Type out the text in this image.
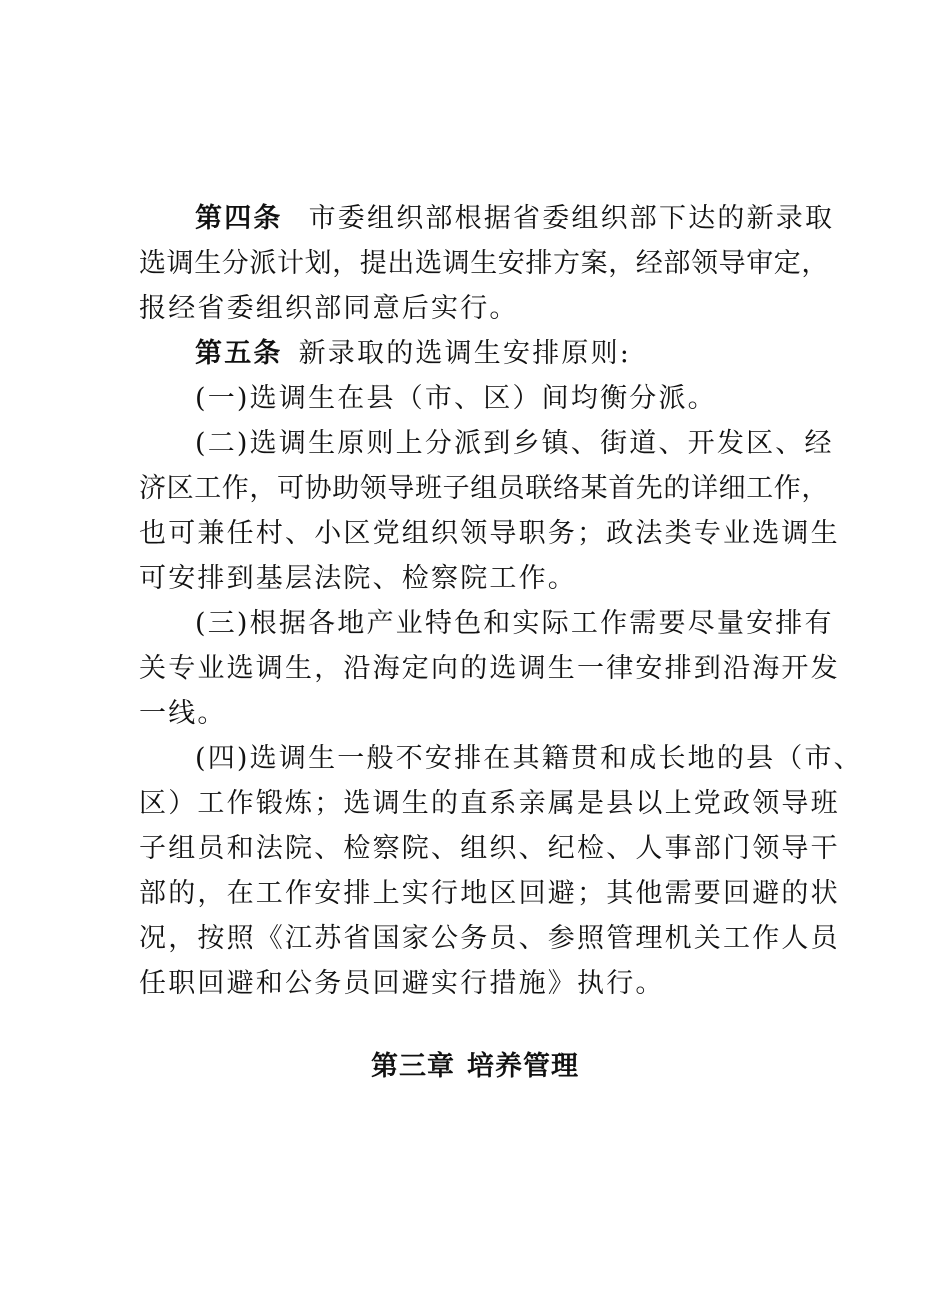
第四条 市委组织部根据省委组织部下达的新录取
选调生分派计划，提出选调生安排方案，经部领导审定，
报经省委组织部同意后实行。
第五条 新录取的选调生安排原则:
(一)选调生在县（市、区）间均衡分派。
(二)选调生原则上分派到乡镇、街道、开发区、经
济区工作，可协助领导班子组员联络某首先的详细工作，
也可兼任村、小区党组织领导职务；政法类专业选调生
可安排到基层法院、检察院工作。
(三)根据各地产业特色和实际工作需要尽量安排有
关专业选调生，沿海定向的选调生一律安排到沿海开发
一线。
(四)选调生一般不安排在其籍贯和成长地的县（市、
区）工作锻炼；选调生的直系亲属是县以上党政领导班
子组员和法院、检察院、组织、纪检、人事部门领导干
部的，在工作安排上实行地区回避；其他需要回避的状
况，按照《江苏省国家公务员、参照管理机关工作人员
任职回避和公务员回避实行措施》执行。
第三章 培养管理
